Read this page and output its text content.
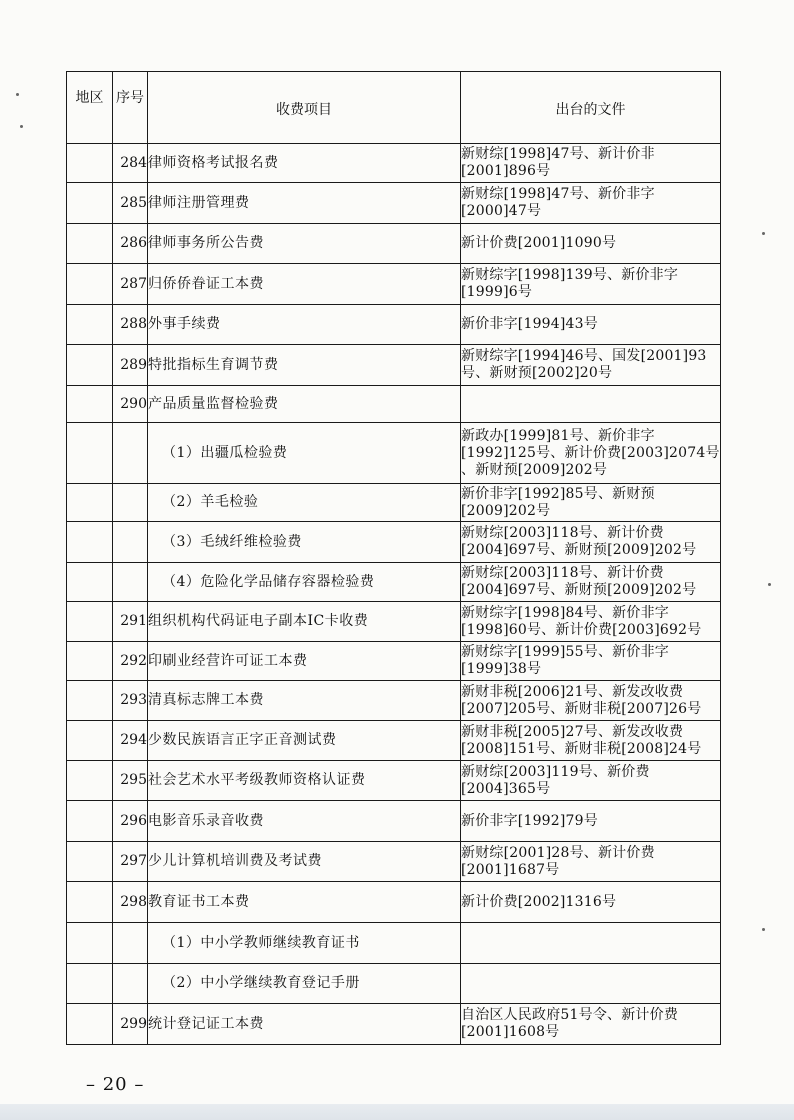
地区	序号	收费项目	出台的文件
	284	律师资格考试报名费	新财综[1998]47号、新计价非
[2001]896号

	285	律师注册管理费	新财综[1998]47号、新价非字
[2000]47号

	286	律师事务所公告费	新计价费[2001]1090号

	287	归侨侨眷证工本费	新财综字[1998]139号、新价非字
[1999]6号

	288	外事手续费	新价非字[1994]43号

	289	特批指标生育调节费	新财综字[1994]46号、国发[2001]93
号、新财预[2002]20号

	290	产品质量监督检验费	

		（1）出疆瓜检验费	新政办[1999]81号、新价非字
[1992]125号、新计价费[2003]2074号
、新财预[2009]202号

		（2）羊毛检验	新价非字[1992]85号、新财预
[2009]202号

		（3）毛绒纤维检验费	新财综[2003]118号、新计价费
[2004]697号、新财预[2009]202号

		（4）危险化学品储存容器检验费	新财综[2003]118号、新计价费
[2004]697号、新财预[2009]202号

	291	组织机构代码证电子副本IC卡收费	新财综字[1998]84号、新价非字
[1998]60号、新计价费[2003]692号

	292	印刷业经营许可证工本费	新财综字[1999]55号、新价非字
[1999]38号

	293	清真标志牌工本费	新财非税[2006]21号、新发改收费
[2007]205号、新财非税[2007]26号

	294	少数民族语言正字正音测试费	新财非税[2005]27号、新发改收费
[2008]151号、新财非税[2008]24号

	295	社会艺术水平考级教师资格认证费	新财综[2003]119号、新价费
[2004]365号

	296	电影音乐录音收费	新价非字[1992]79号

	297	少儿计算机培训费及考试费	新财综[2001]28号、新计价费
[2001]1687号

	298	教育证书工本费	新计价费[2002]1316号

		（1）中小学教师继续教育证书	

		（2）中小学继续教育登记手册	

	299	统计登记证工本费	自治区人民政府51号令、新计价费
[2001]1608号
– 20 –
